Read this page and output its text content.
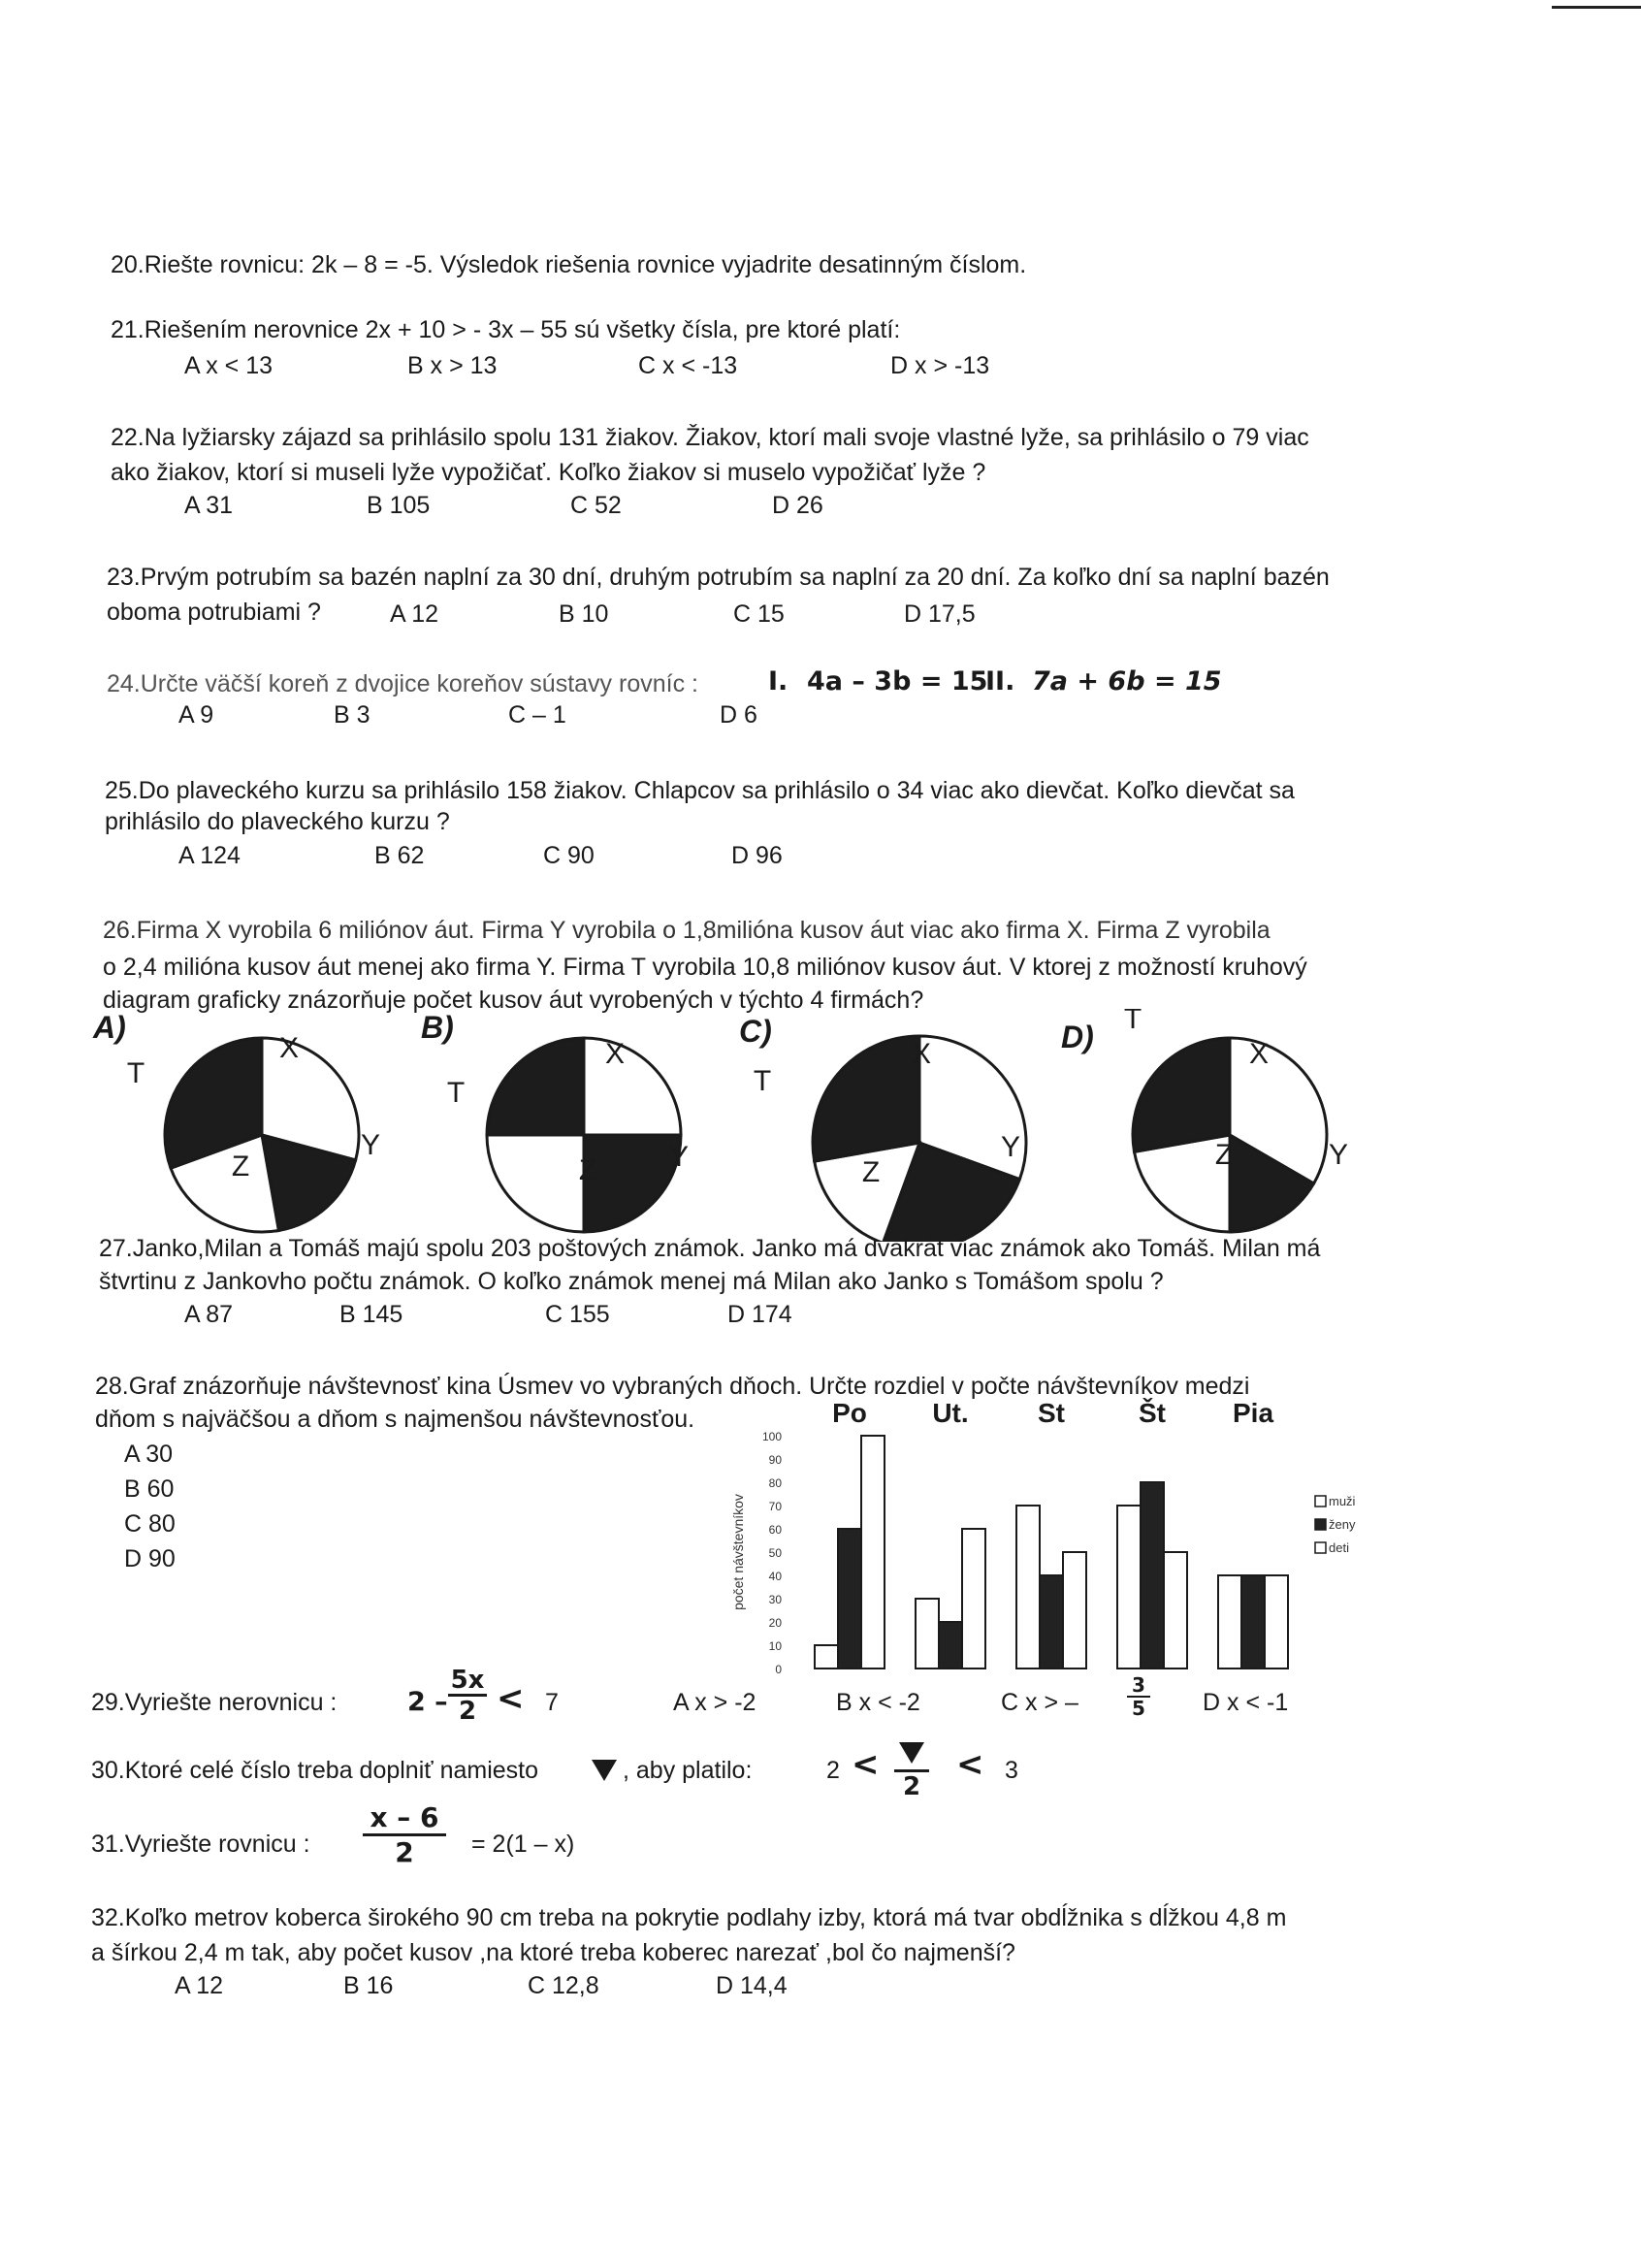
20.Riešte rovnicu: 2k – 8 = -5. Výsledok riešenia rovnice vyjadrite desatinným číslom.
21.Riešením nerovnice 2x + 10 > - 3x – 55 sú všetky čísla, pre ktoré platí:
A x < 13	B x > 13	C x < -13	D x > -13
22.Na lyžiarsky zájazd sa prihlásilo spolu 131 žiakov. Žiakov, ktorí mali svoje vlastné lyže, sa prihlásilo o 79 viac
ako žiakov, ktorí si museli lyže vypožičať. Koľko žiakov si muselo vypožičať lyže ?
A 31	B 105	C 52	D 26
23.Prvým potrubím sa bazén naplní za 30 dní, druhým potrubím sa naplní za 20 dní. Za koľko dní sa naplní bazén
oboma potrubiami ?	A 12	B 10	C 15	D 17,5
24.Určte väčší koreň z dvojice koreňov sústavy rovníc :	I. 4a – 3b = 15
II. 7a + 6b = 15
A 9	B 3	C – 1	D 6
25.Do plaveckého kurzu sa prihlásilo 158 žiakov. Chlapcov sa prihlásilo o 34 viac ako dievčat. Koľko dievčat sa
prihlásilo do plaveckého kurzu ?
A 124	B 62	C 90	D 96
26.Firma X vyrobila 6 miliónov áut. Firma Y vyrobila o 1,8milióna kusov áut viac ako firma X. Firma Z vyrobila
o 2,4 milióna kusov áut menej ako firma Y. Firma T vyrobila 10,8 miliónov kusov áut. V ktorej z možností kruhový
diagram graficky znázorňuje počet kusov áut vyrobených v týchto 4 firmách?
A)
X
Y
Z
T
B)
X
Y
Z
T
C)
X
Y
Z
T
D)	X
Y
Z
T
27.Janko,Milan a Tomáš majú spolu 203 poštových známok. Janko má dvakrát viac známok ako Tomáš. Milan má
štvrtinu z Jankovho počtu známok. O koľko známok menej má Milan ako Janko s Tomášom spolu ?
A 87	B 145	C 155	D 174
28.Graf znázorňuje návštevnosť kina Úsmev vo vybraných dňoch. Určte rozdiel v počte návštevníkov medzi
dňom s najväčšou a dňom s najmenšou návštevnosťou.
A 30
B 60
C 80
D 90
0
10
20
30
40
50
60
70
80
90
100
počet návštevníkov
Po Ut.	St	Št Pia
muži
ženy
deti
29.Vyriešte nerovnicu :	$2 - \frac{5x}{2} < 7$	A x > -2	B x < -2	C x > –	$\frac{3}{5}$ D x < -1
30.Ktoré celé číslo treba doplniť namiesto	, aby platilo:	2 <
2
< 3
31.Vyriešte rovnicu : $\frac{x - 6}{2} = 2(1 - x)$
32.Koľko metrov koberca širokého 90 cm treba na pokrytie podlahy izby, ktorá má tvar obdĺžnika s dĺžkou 4,8 m
a šírkou 2,4 m tak, aby počet kusov ,na ktoré treba koberec narezať ,bol čo najmenší?
A 12	B 16	C 12,8	D 14,4
